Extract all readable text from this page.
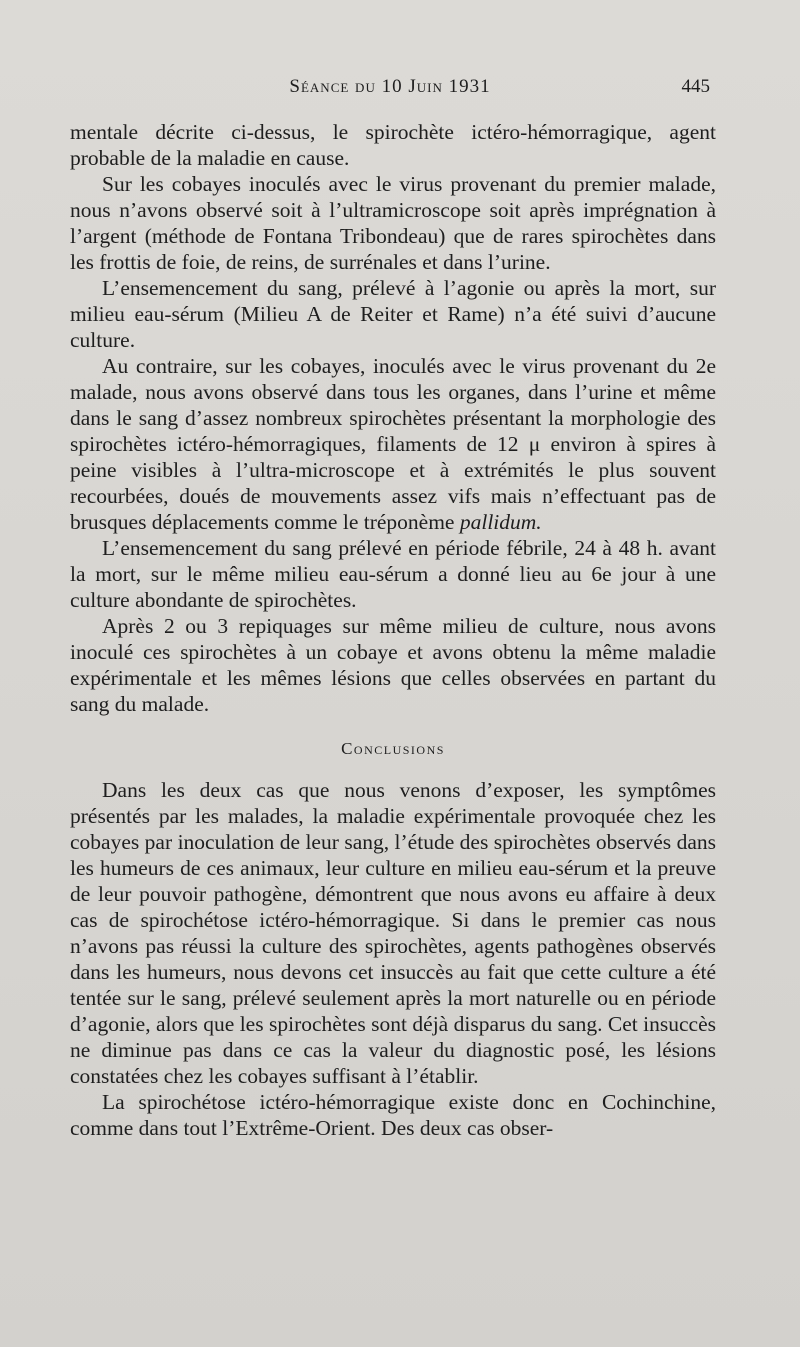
Séance du 10 Juin 1931	445

mentale décrite ci-dessus, le spirochète ictéro-hémorragique, agent probable de la maladie en cause.

Sur les cobayes inoculés avec le virus provenant du premier malade, nous n’avons observé soit à l’ultramicroscope soit après imprégnation à l’argent (méthode de Fontana Tribondeau) que de rares spirochètes dans les frottis de foie, de reins, de surrénales et dans l’urine.

L’ensemencement du sang, prélevé à l’agonie ou après la mort, sur milieu eau-sérum (Milieu A de Reiter et Rame) n’a été suivi d’aucune culture.

Au contraire, sur les cobayes, inoculés avec le virus provenant du 2e malade, nous avons observé dans tous les organes, dans l’urine et même dans le sang d’assez nombreux spirochètes présentant la morphologie des spirochètes ictéro-hémorragiques, filaments de 12 μ environ à spires à peine visibles à l’ultra-microscope et à extrémités le plus souvent recourbées, doués de mouvements assez vifs mais n’effectuant pas de brusques déplacements comme le tréponème pallidum.

L’ensemencement du sang prélevé en période fébrile, 24 à 48 h. avant la mort, sur le même milieu eau-sérum a donné lieu au 6e jour à une culture abondante de spirochètes.

Après 2 ou 3 repiquages sur même milieu de culture, nous avons inoculé ces spirochètes à un cobaye et avons obtenu la même maladie expérimentale et les mêmes lésions que celles observées en partant du sang du malade.

Conclusions

Dans les deux cas que nous venons d’exposer, les symptômes présentés par les malades, la maladie expérimentale provoquée chez les cobayes par inoculation de leur sang, l’étude des spirochètes observés dans les humeurs de ces animaux, leur culture en milieu eau-sérum et la preuve de leur pouvoir pathogène, démontrent que nous avons eu affaire à deux cas de spirochétose ictéro-hémorragique. Si dans le premier cas nous n’avons pas réussi la culture des spirochètes, agents pathogènes observés dans les humeurs, nous devons cet insuccès au fait que cette culture a été tentée sur le sang, prélevé seulement après la mort naturelle ou en période d’agonie, alors que les spirochètes sont déjà disparus du sang. Cet insuccès ne diminue pas dans ce cas la valeur du diagnostic posé, les lésions constatées chez les cobayes suffisant à l’établir.

La spirochétose ictéro-hémorragique existe donc en Cochinchine, comme dans tout l’Extrême-Orient. Des deux cas obser-
